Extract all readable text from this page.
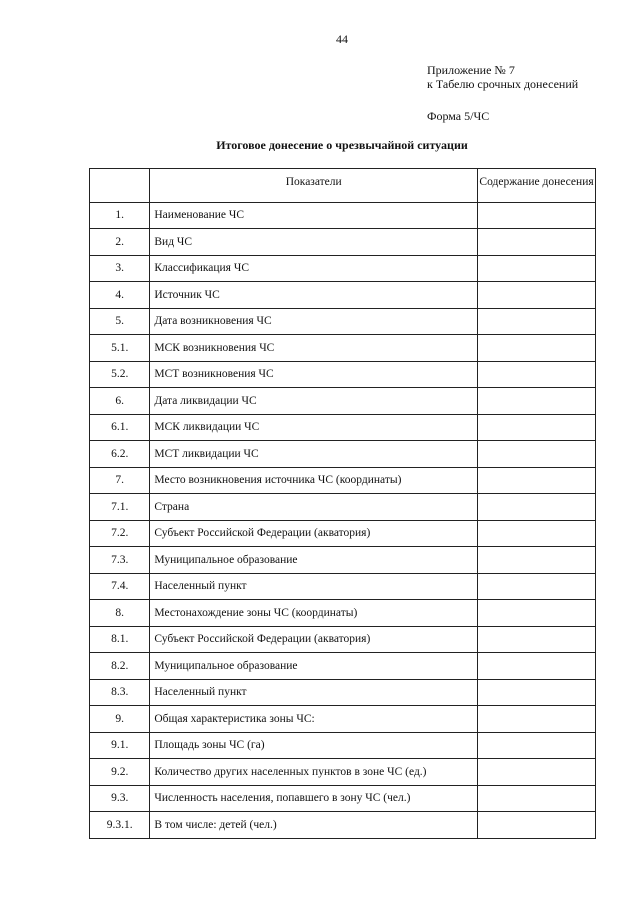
44
Приложение № 7
к Табелю срочных донесений
Форма 5/ЧС
Итоговое донесение о чрезвычайной ситуации
	Показатели	Содержание донесения
1.	Наименование ЧС	
2.	Вид ЧС	
3.	Классификация ЧС	
4.	Источник ЧС	
5.	Дата возникновения ЧС	
5.1.	МСК возникновения ЧС	
5.2.	МСТ возникновения ЧС	
6.	Дата ликвидации ЧС	
6.1.	МСК ликвидации ЧС	
6.2.	МСТ ликвидации ЧС	
7.	Место возникновения источника ЧС (координаты)	
7.1.	Страна	
7.2.	Субъект Российской Федерации (акватория)	
7.3.	Муниципальное образование	
7.4.	Населенный пункт	
8.	Местонахождение зоны ЧС (координаты)	
8.1.	Субъект Российской Федерации (акватория)	
8.2.	Муниципальное образование	
8.3.	Населенный пункт	
9.	Общая характеристика зоны ЧС:	
9.1.	Площадь зоны ЧС (га)	
9.2.	Количество других населенных пунктов в зоне ЧС (ед.)	
9.3.	Численность населения, попавшего в зону ЧС (чел.)	
9.3.1.	В том числе: детей (чел.)	
